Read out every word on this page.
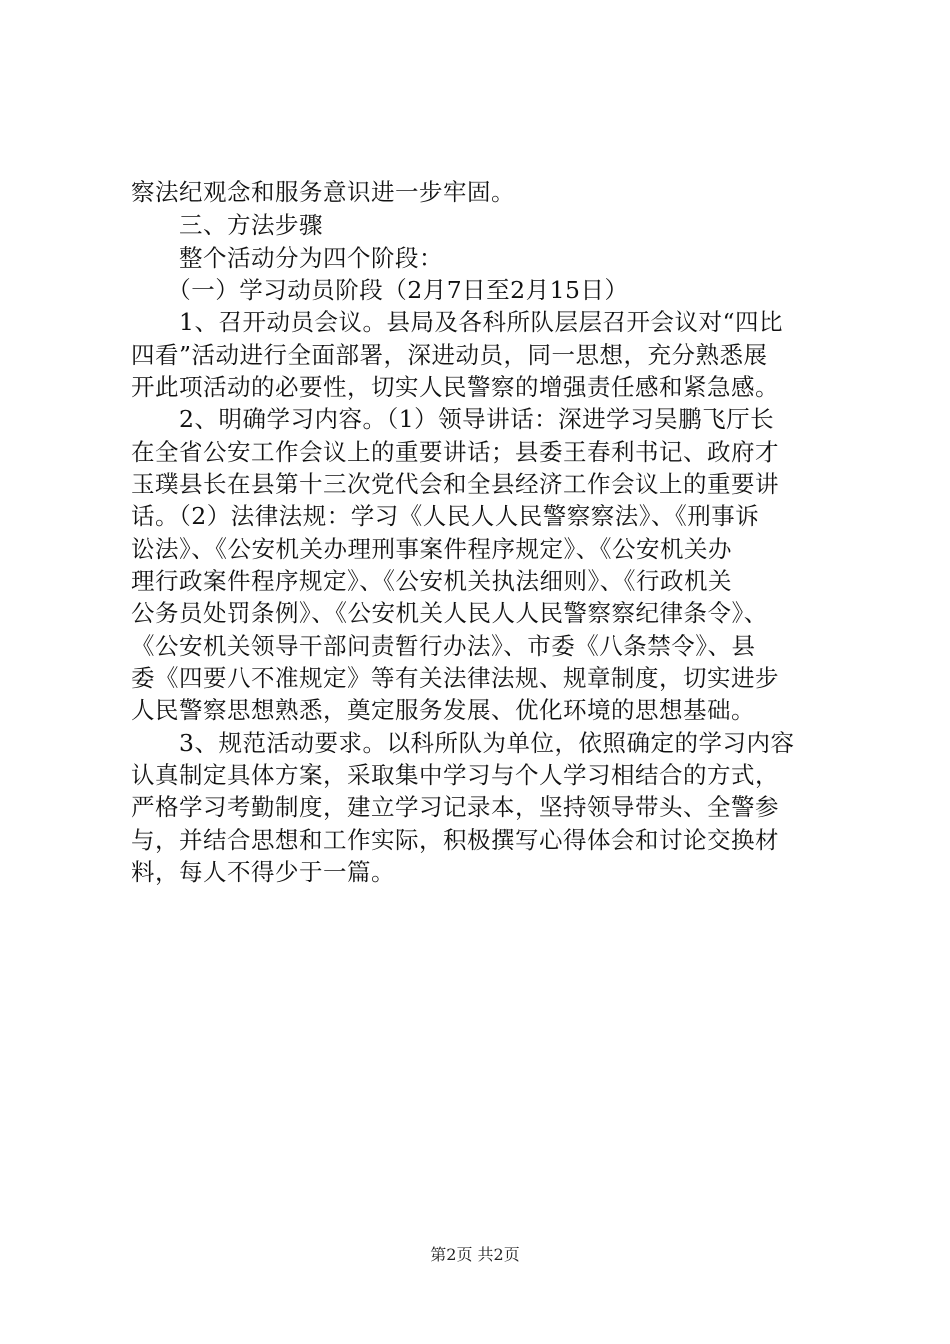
察法纪观念和服务意识进一步牢固。
　　三、方法步骤
　　整个活动分为四个阶段：
　　（一）学习动员阶段（2月7日至2月15日）
　　1、召开动员会议。县局及各科所队层层召开会议对“四比
四看”活动进行全面部署，深进动员，同一思想，充分熟悉展
开此项活动的必要性，切实人民警察的增强责任感和紧急感。
　　2、明确学习内容。（1）领导讲话：深进学习吴鹏飞厅长
在全省公安工作会议上的重要讲话；县委王春利书记、政府才
玉璞县长在县第十三次党代会和全县经济工作会议上的重要讲
话。（2）法律法规：学习《人民人人民警察察法》、《刑事诉
讼法》、《公安机关办理刑事案件程序规定》、《公安机关办
理行政案件程序规定》、《公安机关执法细则》、《行政机关
公务员处罚条例》、《公安机关人民人人民警察察纪律条令》、
《公安机关领导干部问责暂行办法》、市委《八条禁令》、县
委《四要八不准规定》等有关法律法规、规章制度，切实进步
人民警察思想熟悉，奠定服务发展、优化环境的思想基础。
　　3、规范活动要求。以科所队为单位，依照确定的学习内容
认真制定具体方案，采取集中学习与个人学习相结合的方式，
严格学习考勤制度，建立学习记录本，坚持领导带头、全警参
与，并结合思想和工作实际，积极撰写心得体会和讨论交换材
料，每人不得少于一篇。
第2页 共2页
